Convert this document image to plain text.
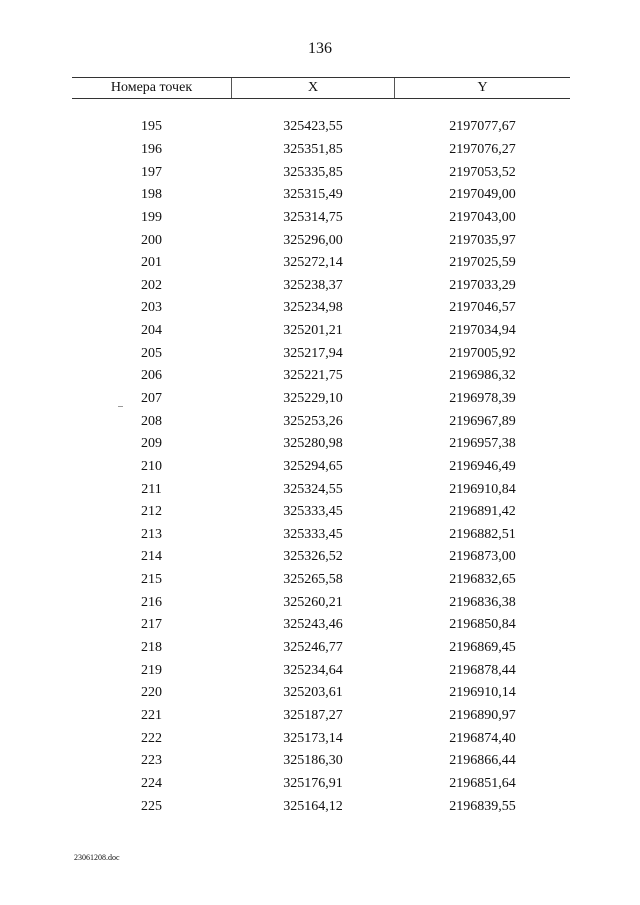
136
Номера точек	X	Y
195	325423,55	2197077,67
196	325351,85	2197076,27
197	325335,85	2197053,52
198	325315,49	2197049,00
199	325314,75	2197043,00
200	325296,00	2197035,97
201	325272,14	2197025,59
202	325238,37	2197033,29
203	325234,98	2197046,57
204	325201,21	2197034,94
205	325217,94	2197005,92
206	325221,75	2196986,32
207	325229,10	2196978,39
208	325253,26	2196967,89
209	325280,98	2196957,38
210	325294,65	2196946,49
211	325324,55	2196910,84
212	325333,45	2196891,42
213	325333,45	2196882,51
214	325326,52	2196873,00
215	325265,58	2196832,65
216	325260,21	2196836,38
217	325243,46	2196850,84
218	325246,77	2196869,45
219	325234,64	2196878,44
220	325203,61	2196910,14
221	325187,27	2196890,97
222	325173,14	2196874,40
223	325186,30	2196866,44
224	325176,91	2196851,64
225	325164,12	2196839,55
23061208.doc
